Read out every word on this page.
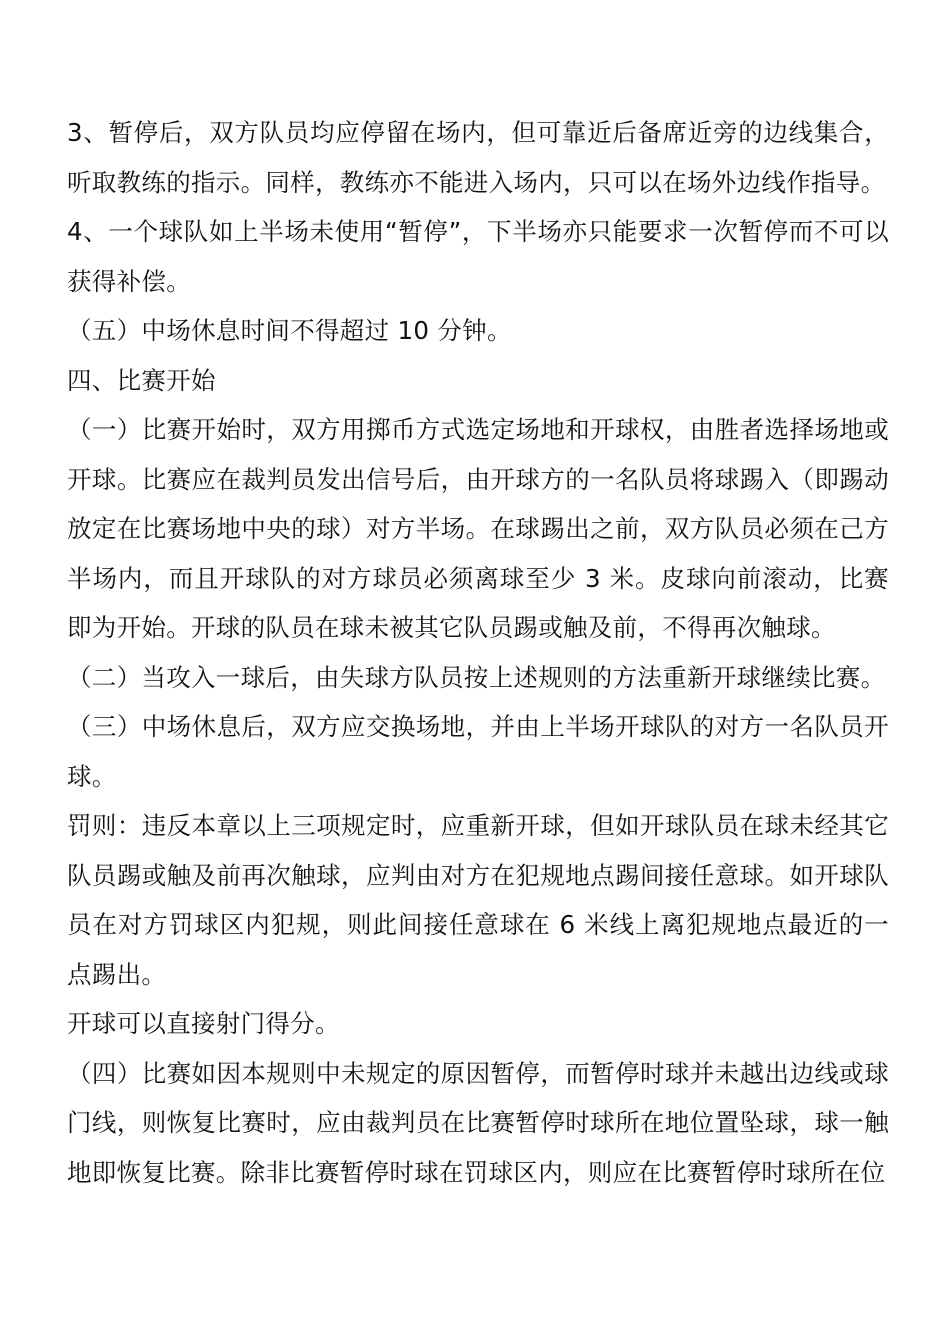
3、暂停后，双方队员均应停留在场内，但可靠近后备席近旁的边线集合，听取教练的指示。同样，教练亦不能进入场内，只可以在场外边线作指导。

4、一个球队如上半场未使用“暂停”，下半场亦只能要求一次暂停而不可以获得补偿。

（五）中场休息时间不得超过 10 分钟。

四、比赛开始

（一）比赛开始时，双方用掷币方式选定场地和开球权，由胜者选择场地或开球。比赛应在裁判员发出信号后，由开球方的一名队员将球踢入（即踢动放定在比赛场地中央的球）对方半场。在球踢出之前，双方队员必须在己方半场内，而且开球队的对方球员必须离球至少 3 米。皮球向前滚动，比赛即为开始。开球的队员在球未被其它队员踢或触及前，不得再次触球。

（二）当攻入一球后，由失球方队员按上述规则的方法重新开球继续比赛。

（三）中场休息后，双方应交换场地，并由上半场开球队的对方一名队员开球。

罚则：违反本章以上三项规定时，应重新开球，但如开球队员在球未经其它队员踢或触及前再次触球，应判由对方在犯规地点踢间接任意球。如开球队员在对方罚球区内犯规，则此间接任意球在 6 米线上离犯规地点最近的一点踢出。

开球可以直接射门得分。

（四）比赛如因本规则中未规定的原因暂停，而暂停时球并未越出边线或球门线，则恢复比赛时，应由裁判员在比赛暂停时球所在地位置坠球，球一触地即恢复比赛。除非比赛暂停时球在罚球区内，则应在比赛暂停时球所在位
